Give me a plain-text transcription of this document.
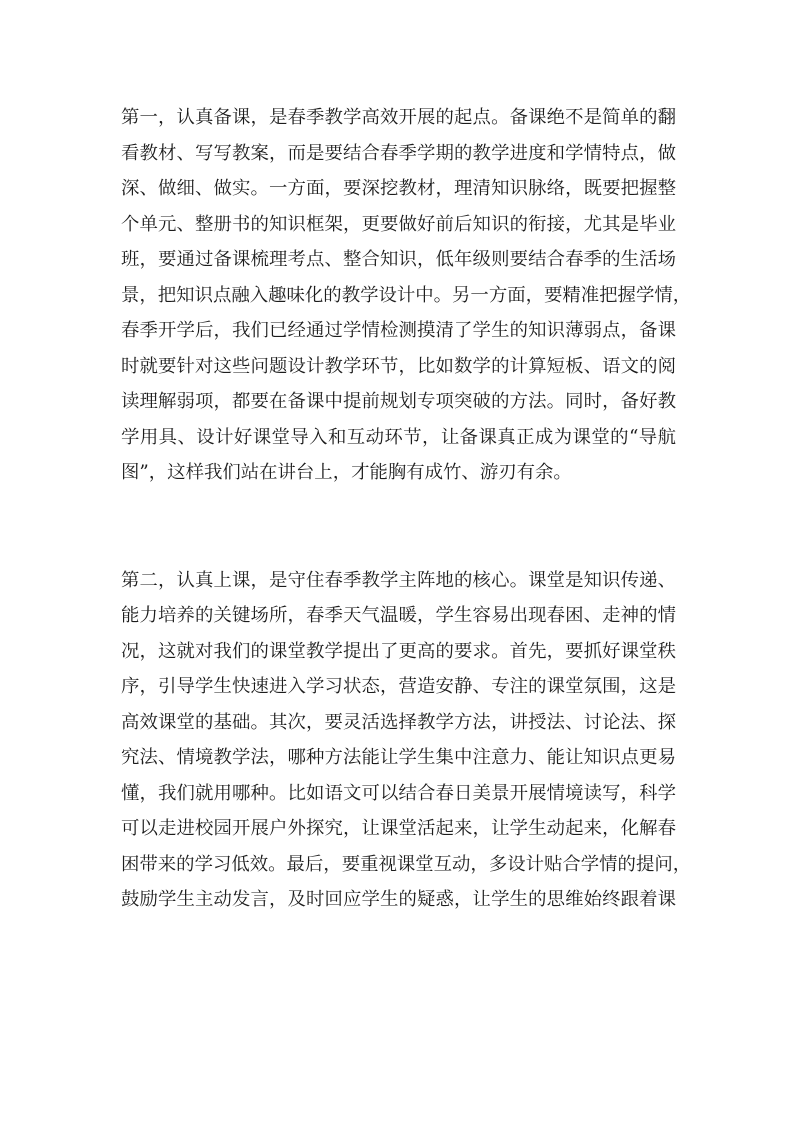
第一，认真备课，是春季教学高效开展的起点。备课绝不是简单的翻
看教材、写写教案，而是要结合春季学期的教学进度和学情特点，做
深、做细、做实。一方面，要深挖教材，理清知识脉络，既要把握整
个单元、整册书的知识框架，更要做好前后知识的衔接，尤其是毕业
班，要通过备课梳理考点、整合知识，低年级则要结合春季的生活场
景，把知识点融入趣味化的教学设计中。另一方面，要精准把握学情，
春季开学后，我们已经通过学情检测摸清了学生的知识薄弱点，备课
时就要针对这些问题设计教学环节，比如数学的计算短板、语文的阅
读理解弱项，都要在备课中提前规划专项突破的方法。同时，备好教
学用具、设计好课堂导入和互动环节，让备课真正成为课堂的“导航
图”，这样我们站在讲台上，才能胸有成竹、游刃有余。

第二，认真上课，是守住春季教学主阵地的核心。课堂是知识传递、
能力培养的关键场所，春季天气温暖，学生容易出现春困、走神的情
况，这就对我们的课堂教学提出了更高的要求。首先，要抓好课堂秩
序，引导学生快速进入学习状态，营造安静、专注的课堂氛围，这是
高效课堂的基础。其次，要灵活选择教学方法，讲授法、讨论法、探
究法、情境教学法，哪种方法能让学生集中注意力、能让知识点更易
懂，我们就用哪种。比如语文可以结合春日美景开展情境读写，科学
可以走进校园开展户外探究，让课堂活起来，让学生动起来，化解春
困带来的学习低效。最后，要重视课堂互动，多设计贴合学情的提问，
鼓励学生主动发言，及时回应学生的疑惑，让学生的思维始终跟着课
